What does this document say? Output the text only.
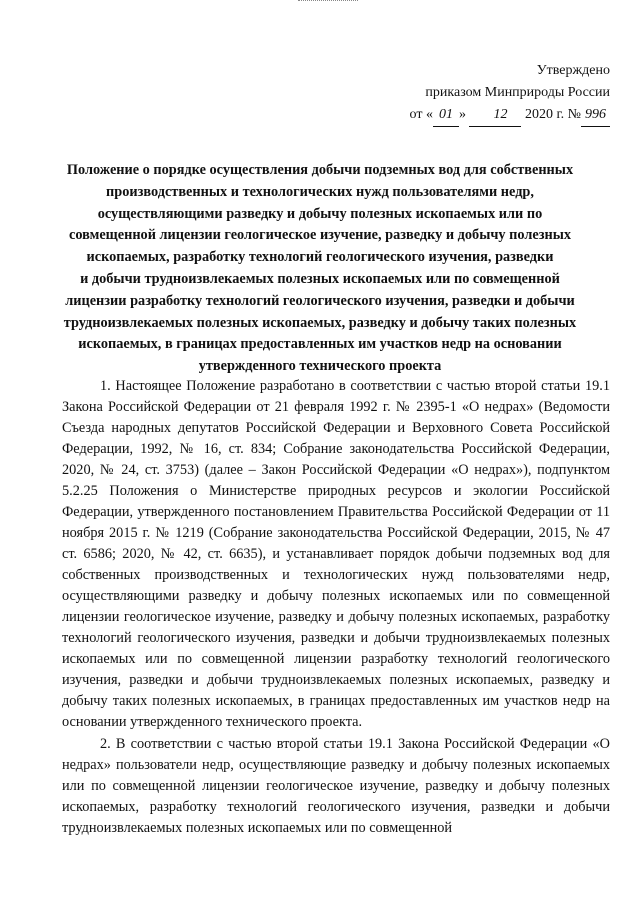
Утверждено
приказом Минприроды России
от « 01 » 12 2020 г. № 996
Положение о порядке осуществления добычи подземных вод для собственных
производственных и технологических нужд пользователями недр,
осуществляющими разведку и добычу полезных ископаемых или по
совмещенной лицензии геологическое изучение, разведку и добычу полезных
ископаемых, разработку технологий геологического изучения, разведки
и добычи трудноизвлекаемых полезных ископаемых или по совмещенной
лицензии разработку технологий геологического изучения, разведки и добычи
трудноизвлекаемых полезных ископаемых, разведку и добычу таких полезных
ископаемых, в границах предоставленных им участков недр на основании
утвержденного технического проекта

1. Настоящее Положение разработано в соответствии с частью второй статьи 19.1 Закона Российской Федерации от 21 февраля 1992 г. № 2395-1 «О недрах» (Ведомости Съезда народных депутатов Российской Федерации и Верховного Совета Российской Федерации, 1992, № 16, ст. 834; Собрание законодательства Российской Федерации, 2020, № 24, ст. 3753) (далее – Закон Российской Федерации «О недрах»), подпунктом 5.2.25 Положения о Министерстве природных ресурсов и экологии Российской Федерации, утвержденного постановлением Правительства Российской Федерации от 11 ноября 2015 г. № 1219 (Собрание законодательства Российской Федерации, 2015, № 47 ст. 6586; 2020, № 42, ст. 6635), и устанавливает порядок добычи подземных вод для собственных производственных и технологических нужд пользователями недр, осуществляющими разведку и добычу полезных ископаемых или по совмещенной лицензии геологическое изучение, разведку и добычу полезных ископаемых, разработку технологий геологического изучения, разведки и добычи трудноизвлекаемых полезных ископаемых или по совмещенной лицензии разработку технологий геологического изучения, разведки и добычи трудноизвлекаемых полезных ископаемых, разведку и добычу таких полезных ископаемых, в границах предоставленных им участков недр на основании утвержденного технического проекта.

2. В соответствии с частью второй статьи 19.1 Закона Российской Федерации «О недрах» пользователи недр, осуществляющие разведку и добычу полезных ископаемых или по совмещенной лицензии геологическое изучение, разведку и добычу полезных ископаемых, разработку технологий геологического изучения, разведки и добычи трудноизвлекаемых полезных ископаемых или по совмещенной
